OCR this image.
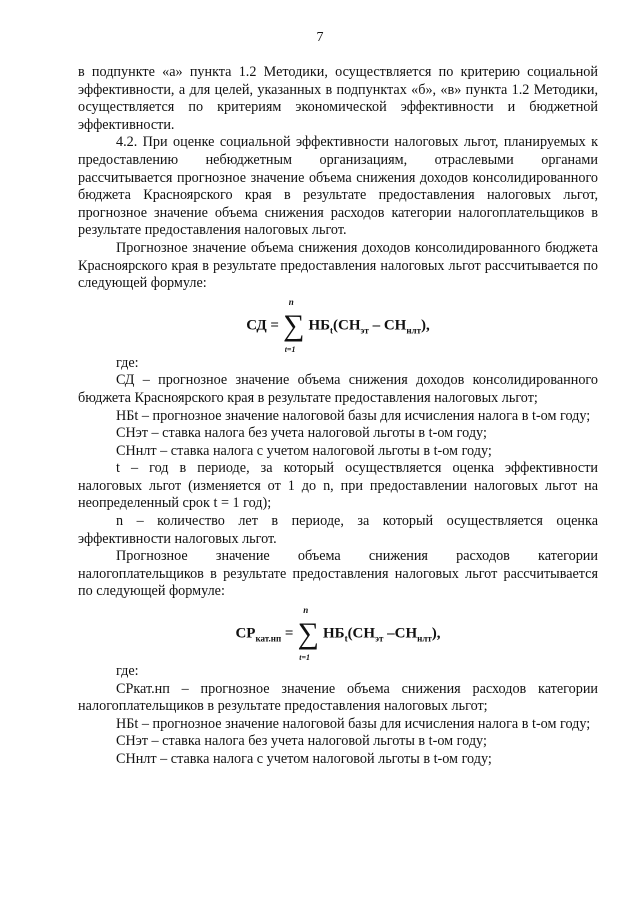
7

в подпункте «а» пункта 1.2 Методики, осуществляется по критерию социальной эффективности, а для целей, указанных в подпунктах «б», «в» пункта 1.2 Методики, осуществляется по критериям экономической эффективности и бюджетной эффективности.

4.2. При оценке социальной эффективности налоговых льгот, планируемых к предоставлению небюджетным организациям, отраслевыми органами рассчитывается прогнозное значение объема снижения доходов консолидированного бюджета Красноярского края в результате предоставления налоговых льгот, прогнозное значение объема снижения расходов категории налогоплательщиков в результате предоставления налоговых льгот.

Прогнозное значение объема снижения доходов консолидированного бюджета Красноярского края в результате предоставления налоговых льгот рассчитывается по следующей формуле:

СД = ∑
n
t=1
$НБ_t(СН_{эт} - СН_{нлт})$,

где:

СД – прогнозное значение объема снижения доходов консолидированного бюджета Красноярского края в результате предоставления налоговых льгот;

НБt – прогнозное значение налоговой базы для исчисления налога в t-ом году;

СНэт – ставка налога без учета налоговой льготы в t-ом году;

СНнлт – ставка налога с учетом налоговой льготы в t-ом году;

t – год в периоде, за который осуществляется оценка эффективности налоговых льгот (изменяется от 1 до n, при предоставлении налоговых льгот на неопределенный срок t = 1 год);

n – количество лет в периоде, за который осуществляется оценка эффективности налоговых льгот.

Прогнозное значение объема снижения расходов категории налогоплательщиков в результате предоставления налоговых льгот рассчитывается по следующей формуле:

$СР_{кат.нп}$ = ∑
n
t=1
$НБ_t(СН_{эт}$ $-СН_{нлт}$),

где:

СРкат.нп – прогнозное значение объема снижения расходов категории налогоплательщиков в результате предоставления налоговых льгот;

НБt – прогнозное значение налоговой базы для исчисления налога в t-ом году;

СНэт – ставка налога без учета налоговой льготы в t-ом году;

СНнлт – ставка налога с учетом налоговой льготы в t-ом году;
